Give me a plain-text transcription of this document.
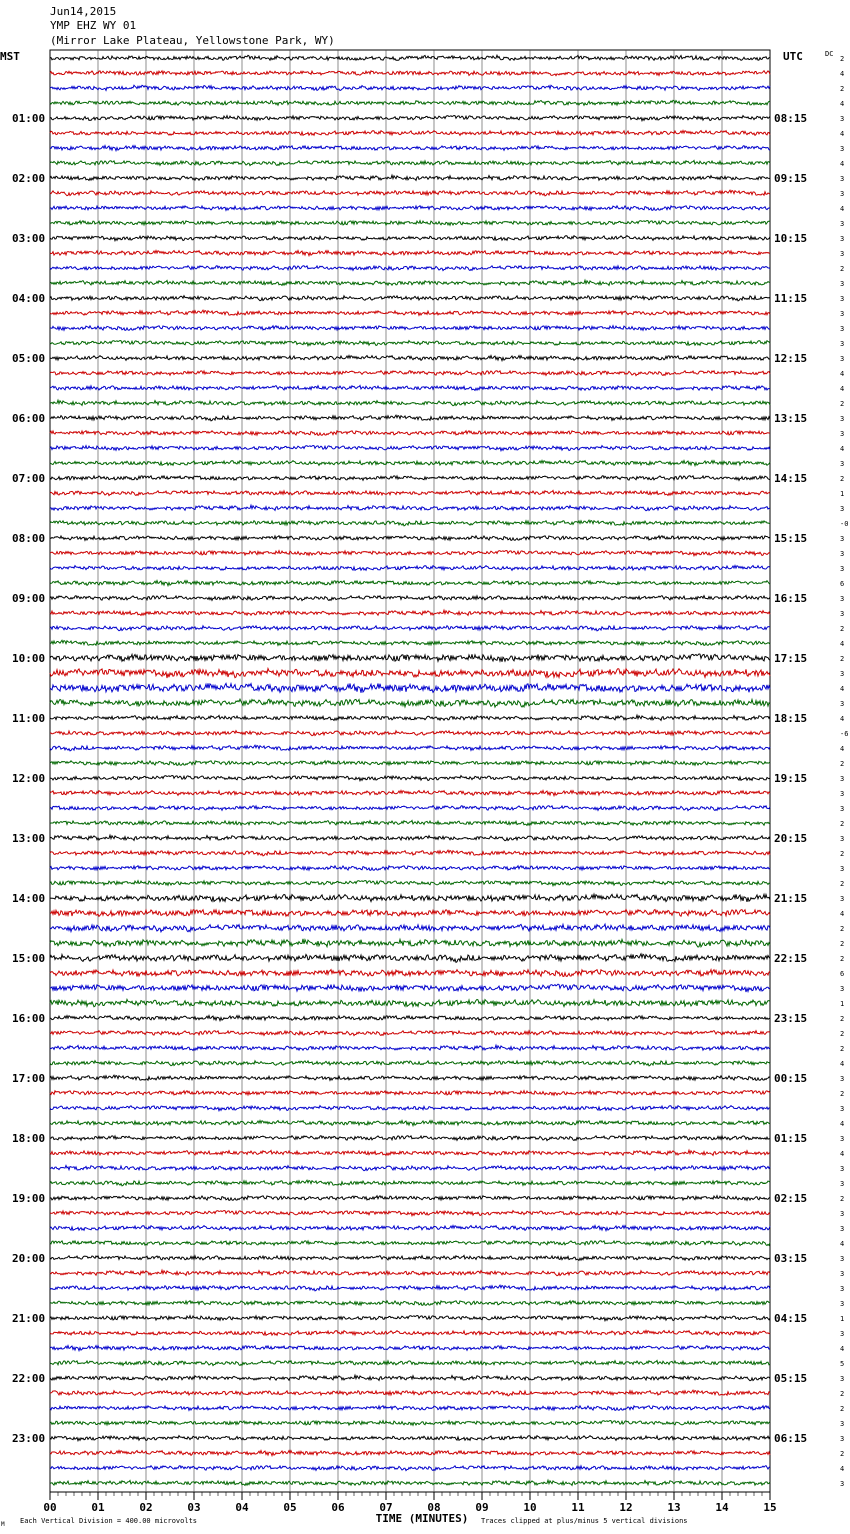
Jun14,2015
YMP EHZ WY 01
(Mirror Lake Plateau, Yellowstone Park, WY)
2
4
2
4
3
4
3
4
3
3
4
3
3
3
2
3
3
3
3
3
3
4
4
2
3
3
4
3
2
1
3
-0
3
3
3
6
3
3
2
4
2
3
4
3
4
-6
4
2
3
3
3
2
3
2
3
2
3
4
2
2
2
6
3
1
2
2
2
4
3
2
3
4
3
4
3
3
2
3
3
4
3
3
3
3
1
3
4
5
3
2
2
3
3
2
4
3
01:00
02:00
03:00
04:00
05:00
06:00
07:00
08:00
09:00
10:00
11:00
12:00
13:00
14:00
15:00
16:00
17:00
18:00
19:00
20:00
21:00
22:00
23:00
08:15
09:15
10:15
11:15
12:15
13:15
14:15
15:15
16:15
17:15
18:15
19:15
20:15
21:15
22:15
23:15
00:15
01:15
02:15
03:15
04:15
05:15
06:15
00	01	02	03	04	05	06	07	08	09	10	11	12	13	14	15
MST	UTC	DC
TIME (MINUTES)
Each Vertical Division = 400.00 microvolts	Traces clipped at plus/minus 5 vertical divisions
M
